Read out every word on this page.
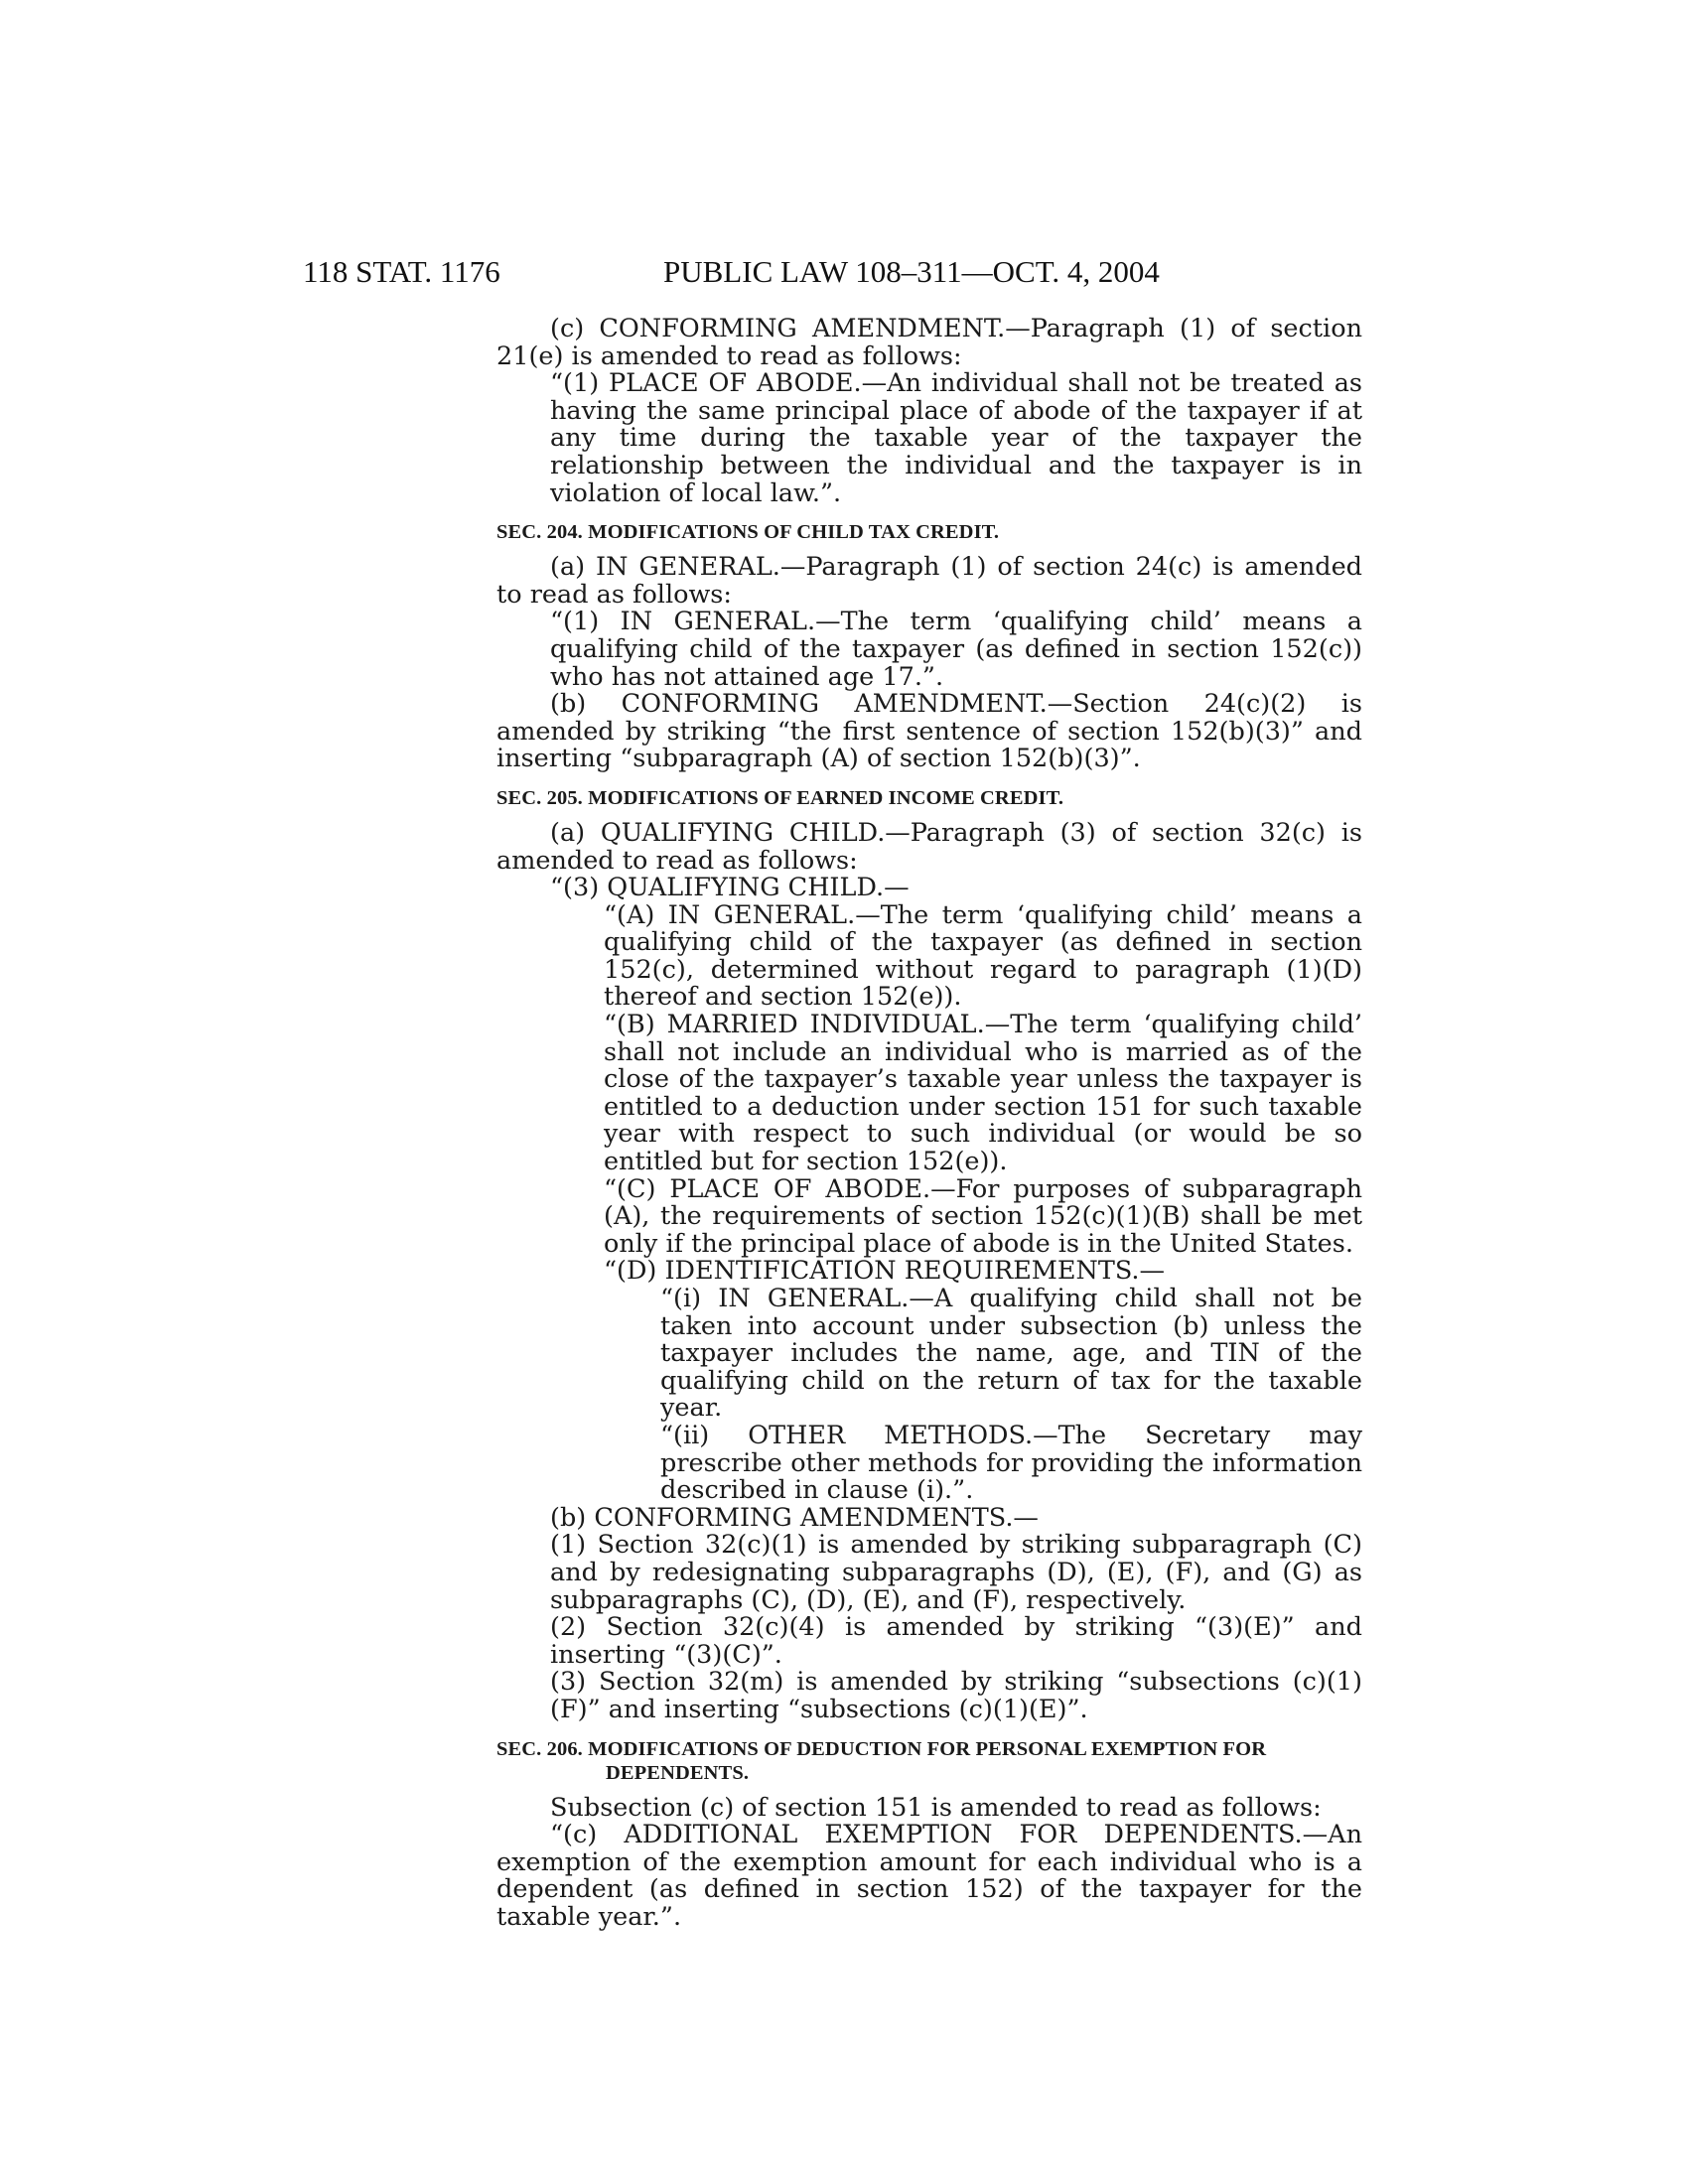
118 STAT. 1176	PUBLIC LAW 108–311—OCT. 4, 2004

(c) CONFORMING AMENDMENT.—Paragraph (1) of section 21(e) is amended to read as follows:

“(1) PLACE OF ABODE.—An individual shall not be treated as having the same principal place of abode of the taxpayer if at any time during the taxable year of the taxpayer the relationship between the individual and the taxpayer is in violation of local law.”.

SEC. 204. MODIFICATIONS OF CHILD TAX CREDIT.

(a) IN GENERAL.—Paragraph (1) of section 24(c) is amended to read as follows:

“(1) IN GENERAL.—The term ‘qualifying child’ means a qualifying child of the taxpayer (as defined in section 152(c)) who has not attained age 17.”.

(b) CONFORMING AMENDMENT.—Section 24(c)(2) is amended by striking “the first sentence of section 152(b)(3)” and inserting “subparagraph (A) of section 152(b)(3)”.

SEC. 205. MODIFICATIONS OF EARNED INCOME CREDIT.

(a) QUALIFYING CHILD.—Paragraph (3) of section 32(c) is amended to read as follows:

“(3) QUALIFYING CHILD.—

“(A) IN GENERAL.—The term ‘qualifying child’ means a qualifying child of the taxpayer (as defined in section 152(c), determined without regard to paragraph (1)(D) thereof and section 152(e)).

“(B) MARRIED INDIVIDUAL.—The term ‘qualifying child’ shall not include an individual who is married as of the close of the taxpayer’s taxable year unless the taxpayer is entitled to a deduction under section 151 for such taxable year with respect to such individual (or would be so entitled but for section 152(e)).

“(C) PLACE OF ABODE.—For purposes of subparagraph (A), the requirements of section 152(c)(1)(B) shall be met only if the principal place of abode is in the United States.

“(D) IDENTIFICATION REQUIREMENTS.—

“(i) IN GENERAL.—A qualifying child shall not be taken into account under subsection (b) unless the taxpayer includes the name, age, and TIN of the qualifying child on the return of tax for the taxable year.

“(ii) OTHER METHODS.—The Secretary may prescribe other methods for providing the information described in clause (i).”.

(b) CONFORMING AMENDMENTS.—

(1) Section 32(c)(1) is amended by striking subparagraph (C) and by redesignating subparagraphs (D), (E), (F), and (G) as subparagraphs (C), (D), (E), and (F), respectively.

(2) Section 32(c)(4) is amended by striking “(3)(E)” and inserting “(3)(C)”.

(3) Section 32(m) is amended by striking “subsections (c)(1)(F)” and inserting “subsections (c)(1)(E)”.

SEC. 206. MODIFICATIONS OF DEDUCTION FOR PERSONAL EXEMPTION FOR DEPENDENTS.

Subsection (c) of section 151 is amended to read as follows:

“(c) ADDITIONAL EXEMPTION FOR DEPENDENTS.—An exemption of the exemption amount for each individual who is a dependent (as defined in section 152) of the taxpayer for the taxable year.”.
